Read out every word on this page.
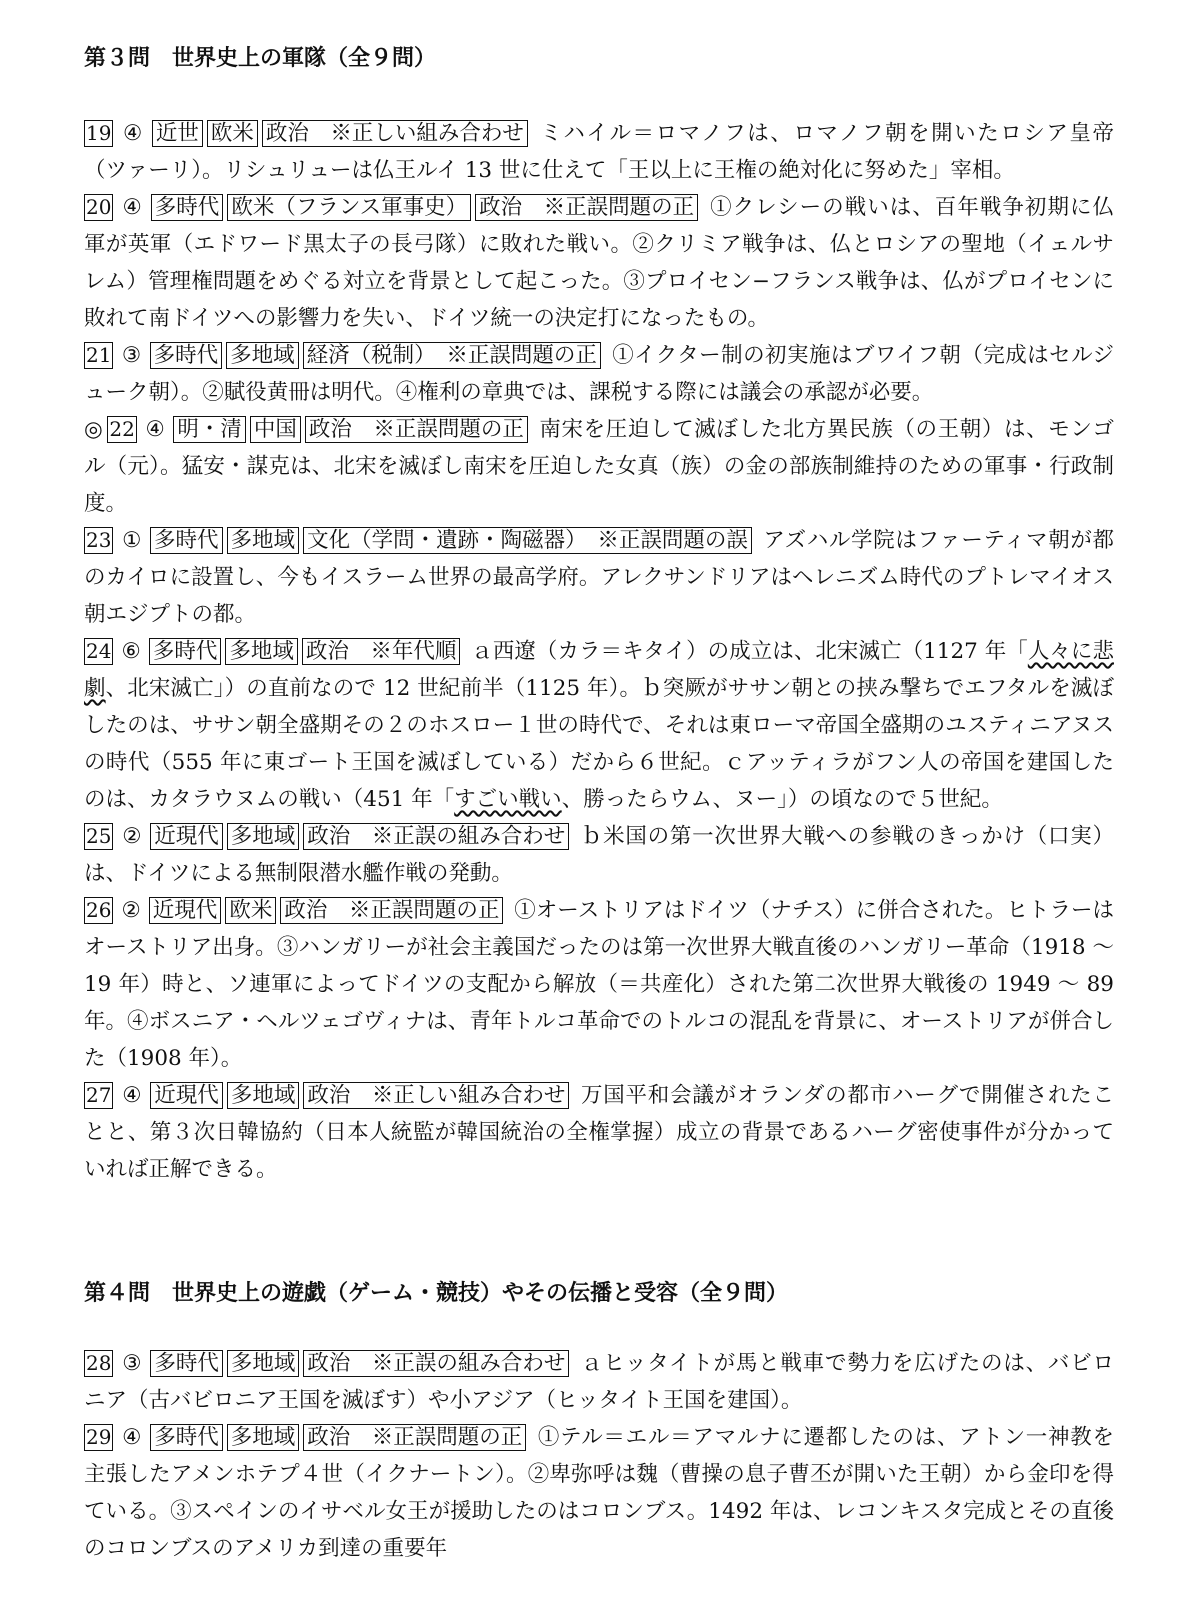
第３問　世界史上の軍隊（全９問）

19 ④ 近世 欧米 政治　※正しい組み合わせ ミハイル＝ロマノフは、ロマノフ朝を開いたロシア皇帝（ツァーリ）。リシュリューは仏王ルイ 13 世に仕えて「王以上に王権の絶対化に努めた」宰相。

20 ④ 多時代 欧米（フランス軍事史） 政治　※正誤問題の正 ①クレシーの戦いは、百年戦争初期に仏軍が英軍（エドワード黒太子の長弓隊）に敗れた戦い。②クリミア戦争は、仏とロシアの聖地（イェルサレム）管理権問題をめぐる対立を背景として起こった。③プロイセン−フランス戦争は、仏がプロイセンに敗れて南ドイツへの影響力を失い、ドイツ統一の決定打になったもの。

21 ③ 多時代 多地域 経済（税制）　※正誤問題の正 ①イクター制の初実施はブワイフ朝（完成はセルジューク朝）。②賦役黄冊は明代。④権利の章典では、課税する際には議会の承認が必要。

◎ 22 ④ 明・清 中国 政治　※正誤問題の正 南宋を圧迫して滅ぼした北方異民族（の王朝）は、モンゴル（元）。猛安・謀克は、北宋を滅ぼし南宋を圧迫した女真（族）の金の部族制維持のための軍事・行政制度。

23 ① 多時代 多地域 文化（学問・遺跡・陶磁器）　※正誤問題の誤 アズハル学院はファーティマ朝が都のカイロに設置し、今もイスラーム世界の最高学府。アレクサンドリアはヘレニズム時代のプトレマイオス朝エジプトの都。

24 ⑥ 多時代 多地域 政治　※年代順 ａ西遼（カラ＝キタイ）の成立は、北宋滅亡（1127 年「人々に悲劇、北宋滅亡」）の直前なので 12 世紀前半（1125 年）。ｂ突厥がササン朝との挟み撃ちでエフタルを滅ぼしたのは、ササン朝全盛期その２のホスロー１世の時代で、それは東ローマ帝国全盛期のユスティニアヌスの時代（555 年に東ゴート王国を滅ぼしている）だから６世紀。ｃアッティラがフン人の帝国を建国したのは、カタラウヌムの戦い（451 年「すごい戦い、勝ったらウム、ヌー」）の頃なので５世紀。

25 ② 近現代 多地域 政治　※正誤の組み合わせ ｂ米国の第一次世界大戦への参戦のきっかけ（口実）は、ドイツによる無制限潜水艦作戦の発動。

26 ② 近現代 欧米 政治　※正誤問題の正 ①オーストリアはドイツ（ナチス）に併合された。ヒトラーはオーストリア出身。③ハンガリーが社会主義国だったのは第一次世界大戦直後のハンガリー革命（1918 〜 19 年）時と、ソ連軍によってドイツの支配から解放（＝共産化）された第二次世界大戦後の 1949 〜 89 年。④ボスニア・ヘルツェゴヴィナは、青年トルコ革命でのトルコの混乱を背景に、オーストリアが併合した（1908 年）。

27 ④ 近現代 多地域 政治　※正しい組み合わせ 万国平和会議がオランダの都市ハーグで開催されたことと、第３次日韓協約（日本人統監が韓国統治の全権掌握）成立の背景であるハーグ密使事件が分かっていれば正解できる。

第４問　世界史上の遊戯（ゲーム・競技）やその伝播と受容（全９問）

28 ③ 多時代 多地域 政治　※正誤の組み合わせ ａヒッタイトが馬と戦車で勢力を広げたのは、バビロニア（古バビロニア王国を滅ぼす）や小アジア（ヒッタイト王国を建国）。

29 ④ 多時代 多地域 政治　※正誤問題の正 ①テル＝エル＝アマルナに遷都したのは、アトン一神教を主張したアメンホテプ４世（イクナートン）。②卑弥呼は魏（曹操の息子曹丕が開いた王朝）から金印を得ている。③スペインのイサベル女王が援助したのはコロンブス。1492 年は、レコンキスタ完成とその直後のコロンブスのアメリカ到達の重要年
